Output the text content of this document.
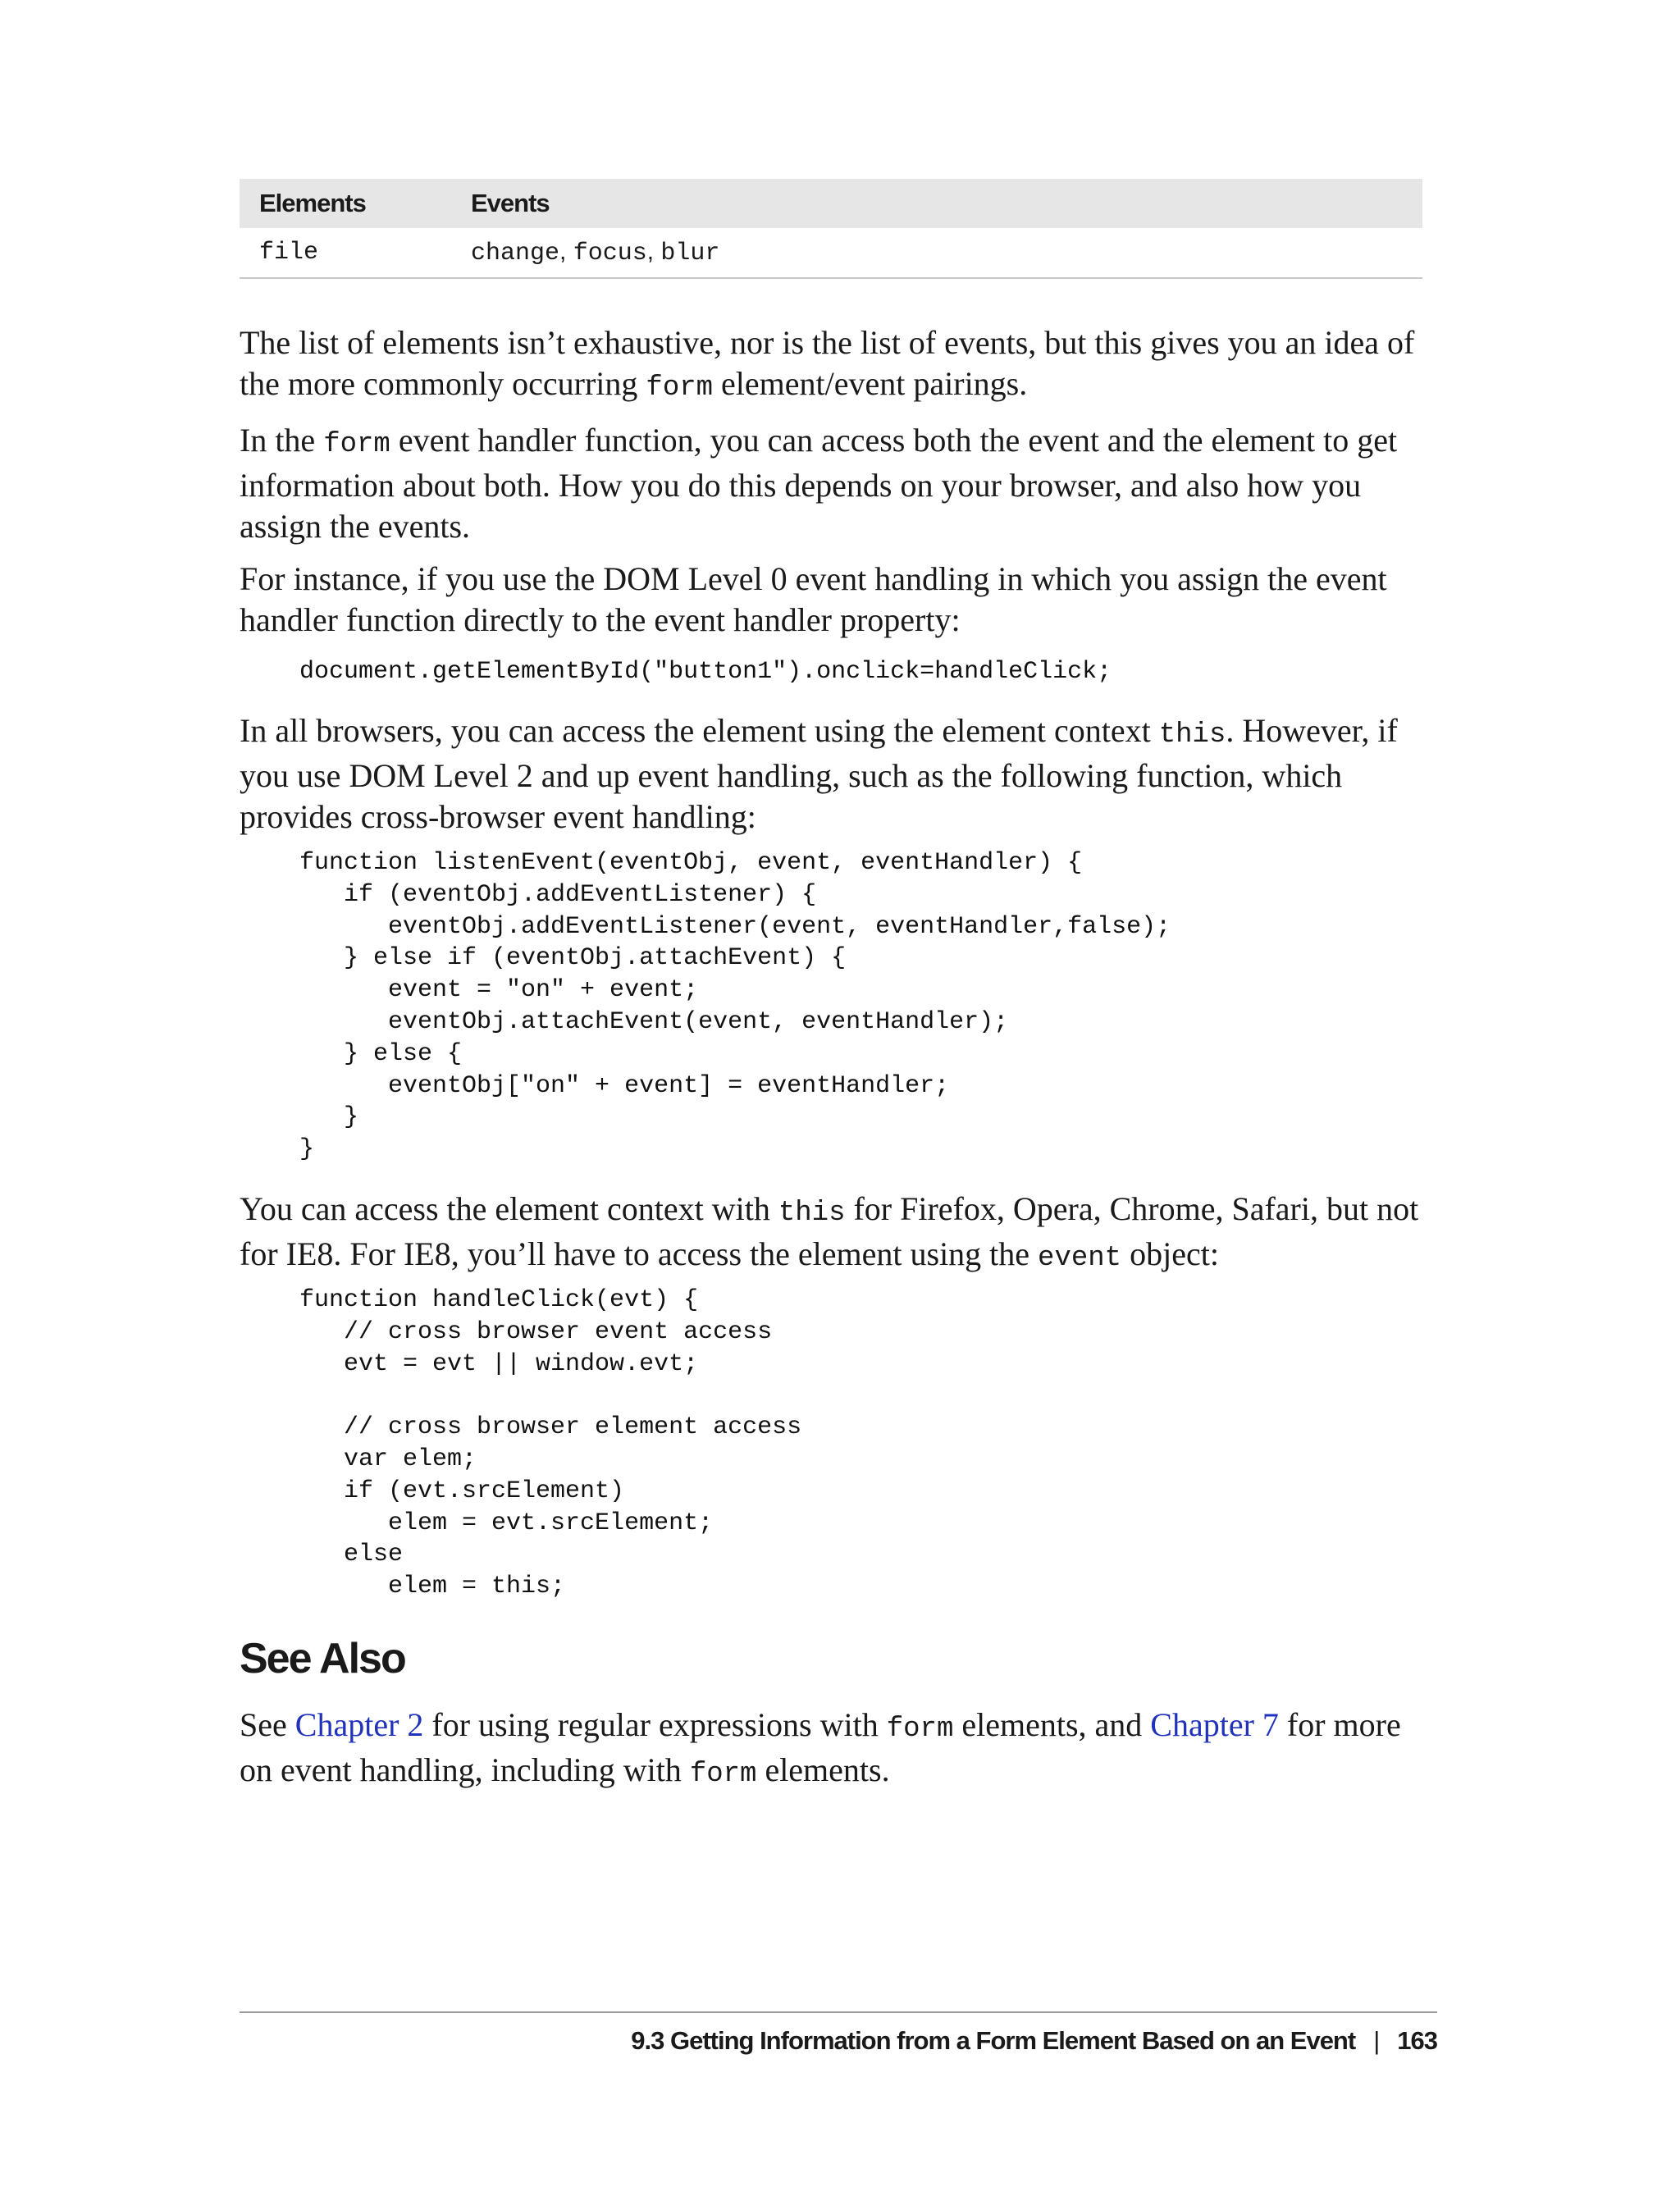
Elements	Events
file	change, focus, blur

The list of elements isn’t exhaustive, nor is the list of events, but this gives you an idea of the more commonly occurring form element/event pairings.

In the form event handler function, you can access both the event and the element to get information about both. How you do this depends on your browser, and also how you assign the events.

For instance, if you use the DOM Level 0 event handling in which you assign the event handler function directly to the event handler property:

document.getElementById("button1").onclick=handleClick;

In all browsers, you can access the element using the element context this. However, if you use DOM Level 2 and up event handling, such as the following function, which provides cross-browser event handling:

function listenEvent(eventObj, event, eventHandler) {
if (eventObj.addEventListener) {
eventObj.addEventListener(event, eventHandler,false);
} else if (eventObj.attachEvent) {
event = "on" + event;
eventObj.attachEvent(event, eventHandler);
} else {
eventObj["on" + event] = eventHandler;
}
}

You can access the element context with this for Firefox, Opera, Chrome, Safari, but not for IE8. For IE8, you’ll have to access the element using the event object:

function handleClick(evt) {
// cross browser event access
evt = evt || window.evt;

// cross browser element access
var elem;
if (evt.srcElement)
elem = evt.srcElement;
else
elem = this;
See Also

See Chapter 2 for using regular expressions with form elements, and Chapter 7 for more on event handling, including with form elements.

9.3 Getting Information from a Form Element Based on an Event | 163
